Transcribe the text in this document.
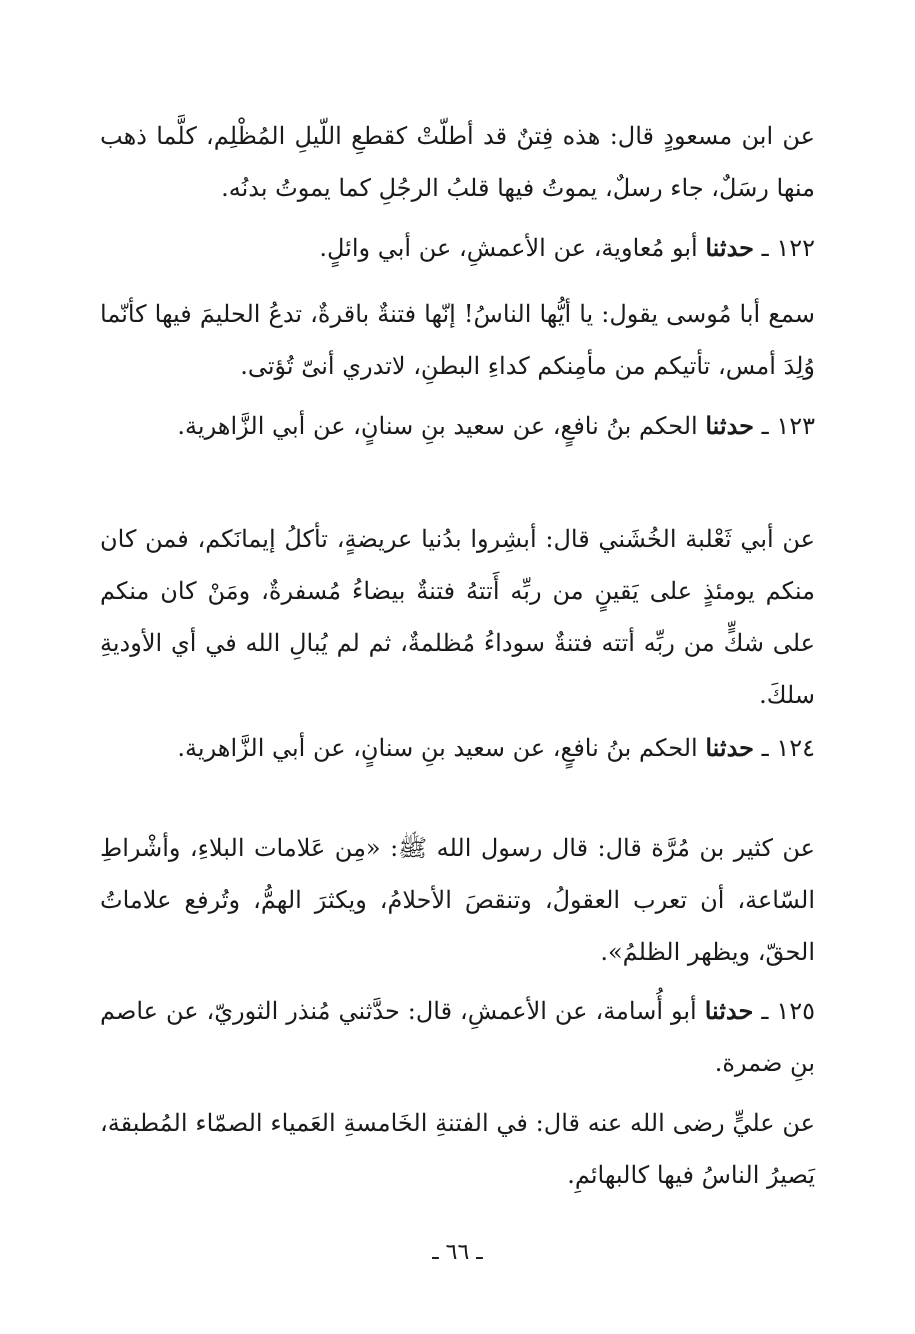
عن ابن مسعودٍ قال: هذه فِتنٌ قد أطلّتْ كقطعِ اللّيلِ المُظْلِم، كلَّما ذهب منها رسَلٌ، جاء رسلٌ، يموتُ فيها قلبُ الرجُلِ كما يموتُ بدنُه.

١٢٢ ـ حدثنا أبو مُعاوية، عن الأعمشِ، عن أبي وائلٍ.

سمع أبا مُوسى يقول: يا أيُّها الناسُ! إنّها فتنةٌ باقرةٌ، تدعُ الحليمَ فيها كأنّما وُلِدَ أمس، تأتيكم من مأمِنكم كداءِ البطنِ، لاتدري أنىّ تُؤتى.

١٢٣ ـ حدثنا الحكم بنُ نافعٍ، عن سعيد بنِ سنانٍ، عن أبي الزَّاهرية.

عن أبي ثَعْلبة الخُشَني قال: أبشِروا بدُنيا عريضةٍ، تأكلُ إيمانَكم، فمن كان منكم يومئذٍ على يَقينٍ من ربِّه أَتتهُ فتنةٌ بيضاءُ مُسفرةٌ، ومَنْ كان منكم على شكٍّ من ربِّه أتته فتنةٌ سوداءُ مُظلمةٌ، ثم لم يُبالِ الله في أي الأوديةِ سلكَ.

١٢٤ ـ حدثنا الحكم بنُ نافعٍ، عن سعيد بنِ سنانٍ، عن أبي الزَّاهرية.

عن كثير بن مُرَّة قال: قال رسول الله ﷺ: «مِن عَلامات البلاءِ، وأشْراطِ السّاعة، أن تعرب العقولُ، وتنقصَ الأحلامُ، ويكثرَ الهمُّ، وتُرفع علاماتُ الحقّ، ويظهر الظلمُ».

١٢٥ ـ حدثنا أبو أُسامة، عن الأعمشِ، قال: حدَّثني مُنذر الثوريّ، عن عاصم بنِ ضمرة.

عن عليٍّ رضى الله عنه قال: في الفتنةِ الخَامسةِ العَمياء الصمّاء المُطبقة، يَصيرُ الناسُ فيها كالبهائمِ.

ـ ٦٦ ـ
